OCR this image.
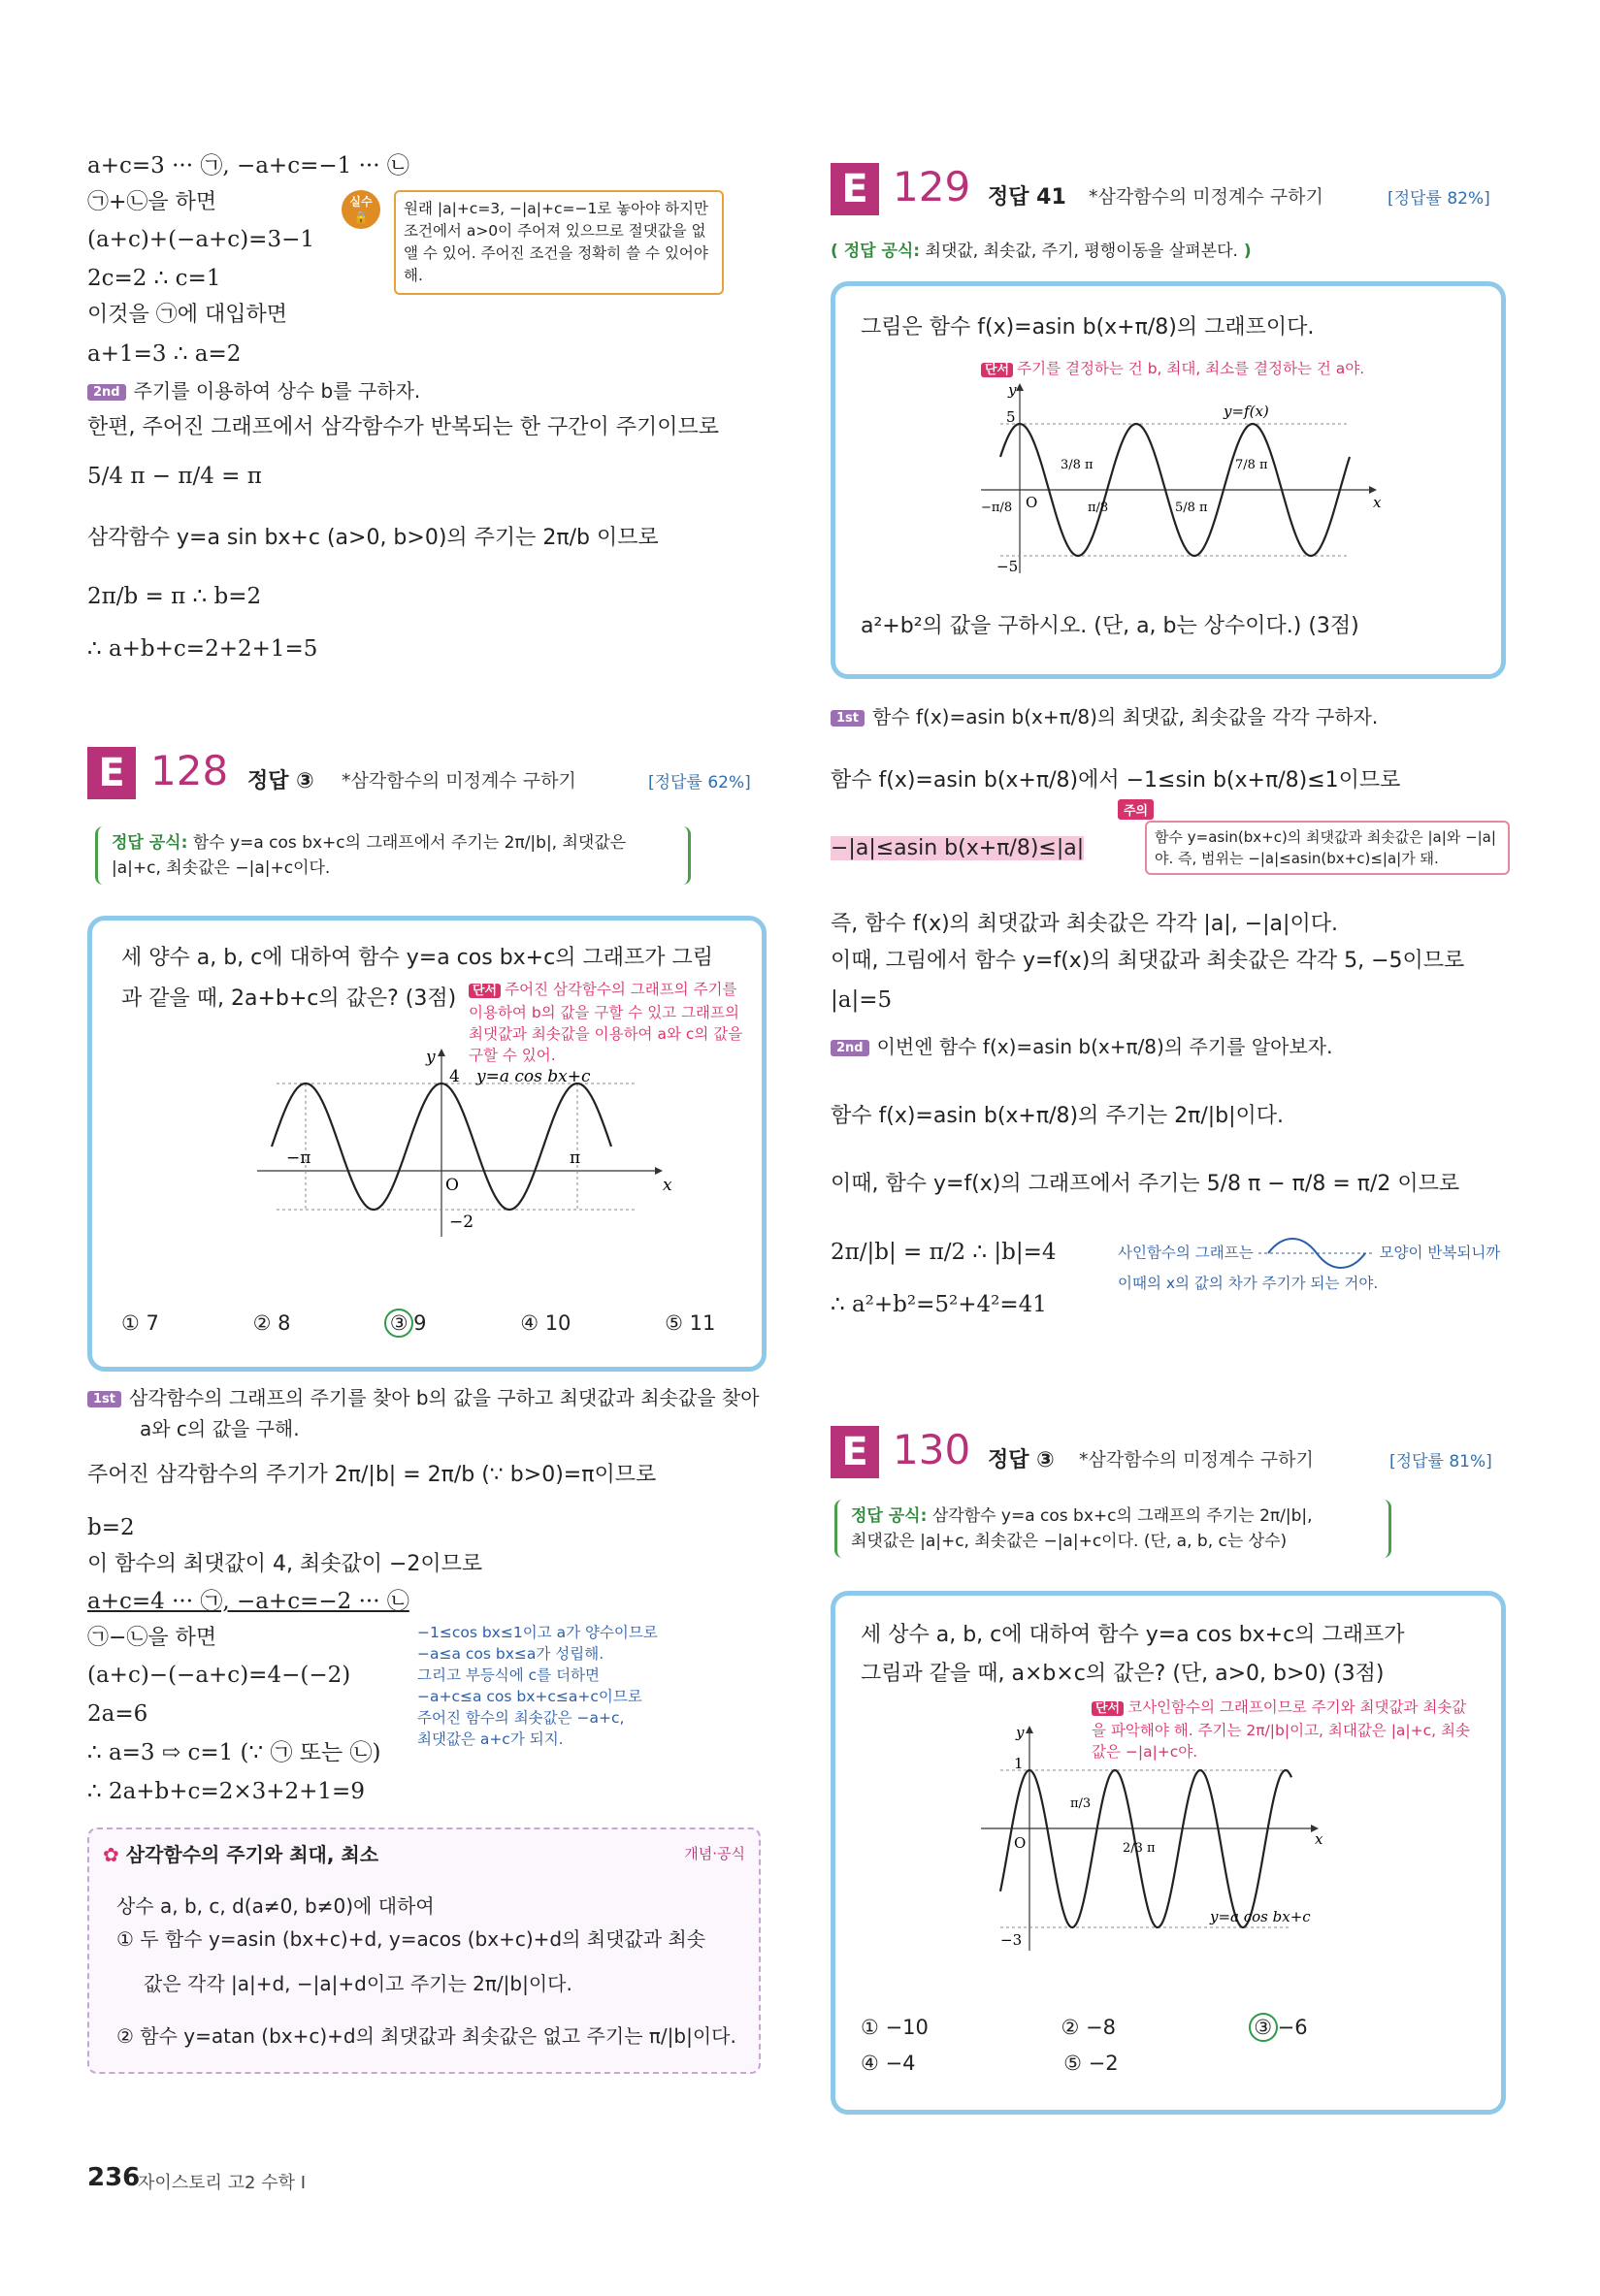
a+c=3 ··· ㉠, −a+c=−1 ··· ㉡
㉠+㉡을 하면
(a+c)+(−a+c)=3−1
2c=2 ∴ c=1
이것을 ㉠에 대입하면
a+1=3 ∴ a=2
2nd 주기를 이용하여 상수 b를 구하자.
한편, 주어진 그래프에서 삼각함수가 반복되는 한 구간이 주기이므로
5/4 π − π/4 = π
삼각함수 y=a sin bx+c (a>0, b>0)의 주기는 2π/b 이므로
2π/b = π ∴ b=2
∴ a+b+c=2+2+1=5
실수 🔒	원래 |a|+c=3, −|a|+c=−1로 놓아야 하지만 조건에서 a>0이 주어져 있으므로 절댓값을 없앨 수 있어. 주어진 조건을 정확히 쓸 수 있어야 해.
E 128 정답 ③ *삼각함수의 미정계수 구하기	[정답률 62%]
정답 공식: 함수 y=a cos bx+c의 그래프에서 주기는 2π/|b|, 최댓값은
|a|+c, 최솟값은 −|a|+c이다.
세 양수 a, b, c에 대하여 함수 y=a cos bx+c의 그래프가 그림
과 같을 때, 2a+b+c의 값은? (3점)	단서 주어진 삼각함수의 그래프의 주기를 이용하여 b의 값을 구할 수 있고 그래프의 최댓값과 최솟값을 이용하여 a와 c의 값을 구할 수 있어.
4
−2
−π	π
O	x
y
y=a cos bx+c
① 7	② 8	③ 9	④ 10	⑤ 11
1st 삼각함수의 그래프의 주기를 찾아 b의 값을 구하고 최댓값과 최솟값을 찾아
a와 c의 값을 구해.
주어진 삼각함수의 주기가 2π/|b| = 2π/b (∵ b>0)=π이므로
b=2
이 함수의 최댓값이 4, 최솟값이 −2이므로
a+c=4 ··· ㉠, −a+c=−2 ··· ㉡
㉠−㉡을 하면
(a+c)−(−a+c)=4−(−2)
2a=6
∴ a=3 ⇨ c=1 (∵ ㉠ 또는 ㉡)
∴ 2a+b+c=2×3+2+1=9
−1≤cos bx≤1이고 a가 양수이므로
−a≤a cos bx≤a가 성립해.
그리고 부등식에 c를 더하면
−a+c≤a cos bx+c≤a+c이므로
주어진 함수의 최솟값은 −a+c,
최댓값은 a+c가 되지.
✿ 삼각함수의 주기와 최대, 최소	개념·공식
상수 a, b, c, d(a≠0, b≠0)에 대하여
① 두 함수 y=asin (bx+c)+d, y=acos (bx+c)+d의 최댓값과 최솟
값은 각각 |a|+d, −|a|+d이고 주기는 2π/|b|이다.
② 함수 y=atan (bx+c)+d의 최댓값과 최솟값은 없고 주기는 π/|b|이다.
236
자이스토리 고2 수학 Ⅰ
E 129 정답 41 *삼각함수의 미정계수 구하기	[정답률 82%]
( 정답 공식: 최댓값, 최솟값, 주기, 평행이동을 살펴본다. )
그림은 함수 f(x)=asin b(x+π/8)의 그래프이다.
단서 주기를 결정하는 건 b, 최대, 최소를 결정하는 건 a야.
5
−5
3/8 π	7/8 π
−π/8	π/8	5/8 π
O	x
y
y=f(x)
a²+b²의 값을 구하시오. (단, a, b는 상수이다.) (3점)
1st 함수 f(x)=asin b(x+π/8)의 최댓값, 최솟값을 각각 구하자.
함수 f(x)=asin b(x+π/8)에서 −1≤sin b(x+π/8)≤1이므로
−|a|≤asin b(x+π/8)≤|a|
주의
함수 y=asin(bx+c)의 최댓값과 최솟값은 |a|와 −|a|야. 즉, 범위는 −|a|≤asin(bx+c)≤|a|가 돼.
즉, 함수 f(x)의 최댓값과 최솟값은 각각 |a|, −|a|이다.
이때, 그림에서 함수 y=f(x)의 최댓값과 최솟값은 각각 5, −5이므로
|a|=5
2nd 이번엔 함수 f(x)=asin b(x+π/8)의 주기를 알아보자.
함수 f(x)=asin b(x+π/8)의 주기는 2π/|b|이다.
이때, 함수 y=f(x)의 그래프에서 주기는 5/8 π − π/8 = π/2 이므로
2π/|b| = π/2 ∴ |b|=4
∴ a²+b²=5²+4²=41
사인함수의 그래프는	모양이 반복되니까
이때의 x의 값의 차가 주기가 되는 거야.
E 130 정답 ③ *삼각함수의 미정계수 구하기	[정답률 81%]
정답 공식: 삼각함수 y=a cos bx+c의 그래프의 주기는 2π/|b|,
최댓값은 |a|+c, 최솟값은 −|a|+c이다. (단, a, b, c는 상수)
세 상수 a, b, c에 대하여 함수 y=a cos bx+c의 그래프가
그림과 같을 때, a×b×c의 값은? (단, a>0, b>0) (3점)
단서 코사인함수의 그래프이므로 주기와 최댓값과 최솟값을 파악해야 해. 주기는 2π/|b|이고, 최대값은 |a|+c, 최솟값은 −|a|+c야.
1
−3
π/3
2/3 π
O	x
y
y=a cos bx+c
① −10	② −8	③ −6
④ −4	⑤ −2
